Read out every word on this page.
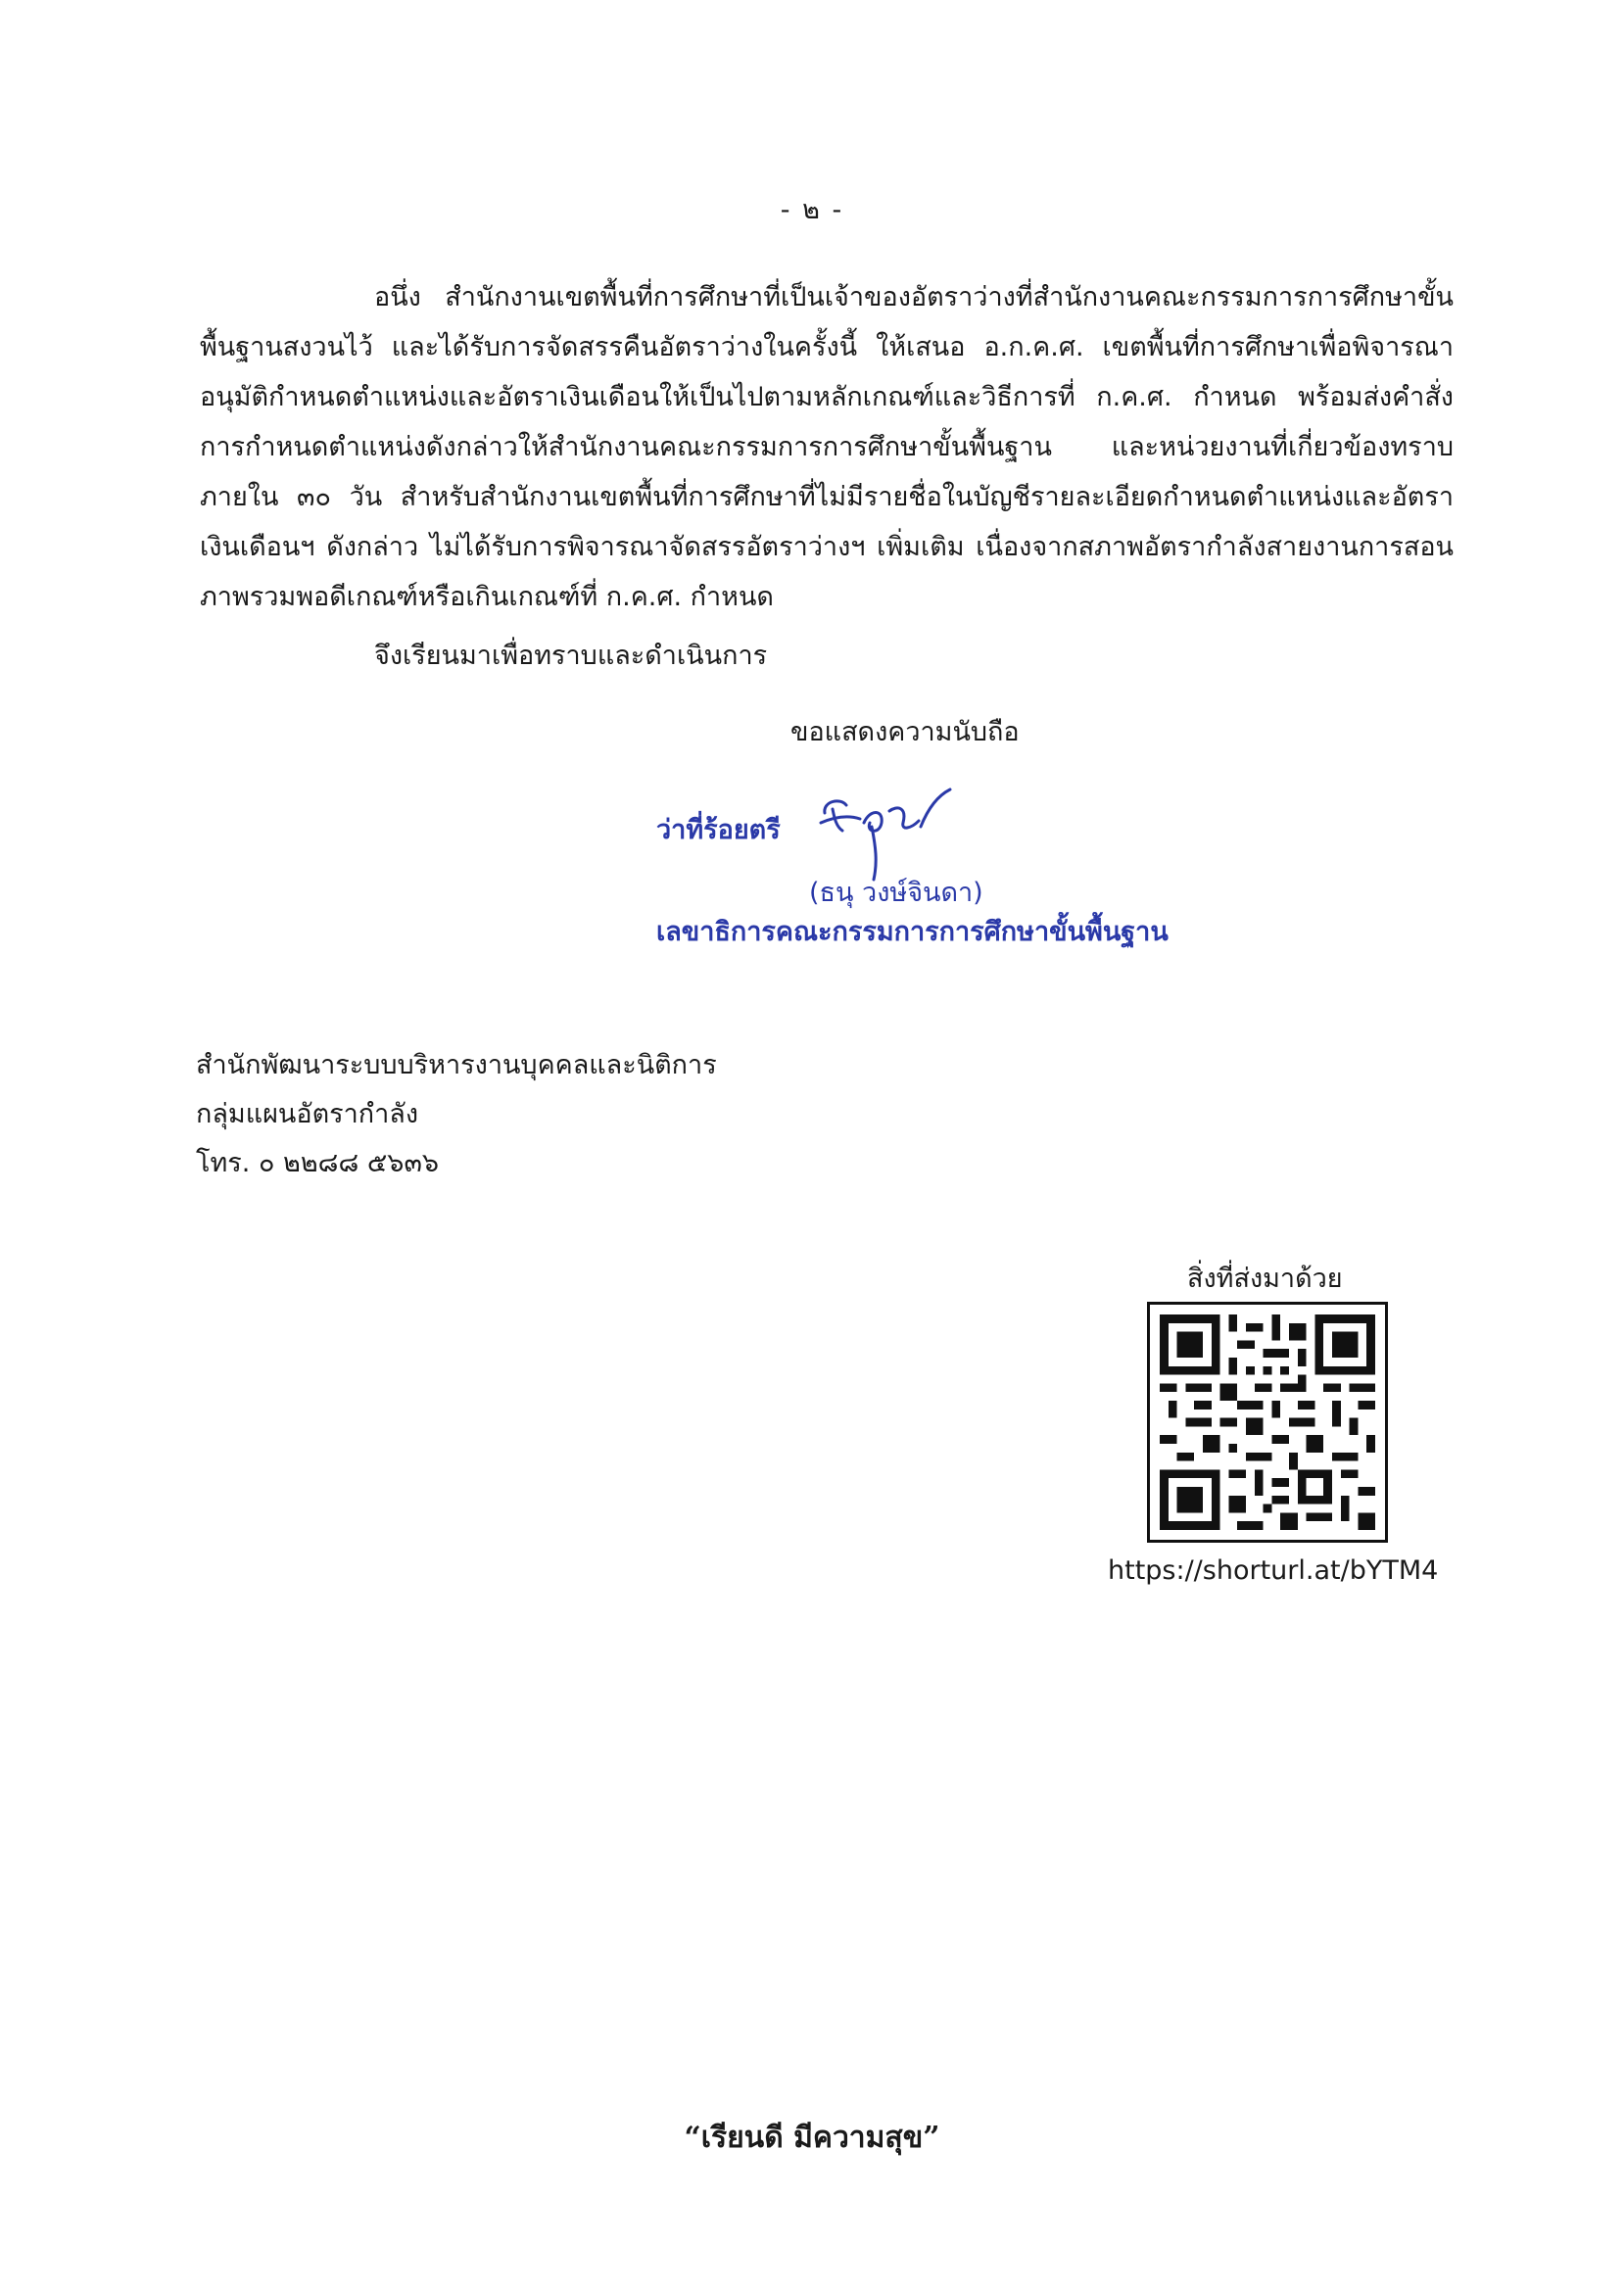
- ๒ -

อนึ่ง สำนักงานเขตพื้นที่การศึกษาที่เป็นเจ้าของอัตราว่างที่สำนักงานคณะกรรมการการศึกษาขั้นพื้นฐานสงวนไว้ และได้รับการจัดสรรคืนอัตราว่างในครั้งนี้ ให้เสนอ อ.ก.ค.ศ. เขตพื้นที่การศึกษาเพื่อพิจารณาอนุมัติกำหนดตำแหน่งและอัตราเงินเดือนให้เป็นไปตามหลักเกณฑ์และวิธีการที่ ก.ค.ศ. กำหนด พร้อมส่งคำสั่งการกำหนดตำแหน่งดังกล่าวให้สำนักงานคณะกรรมการการศึกษาขั้นพื้นฐาน และหน่วยงานที่เกี่ยวข้องทราบภายใน ๓๐ วัน สำหรับสำนักงานเขตพื้นที่การศึกษาที่ไม่มีรายชื่อในบัญชีรายละเอียดกำหนดตำแหน่งและอัตราเงินเดือนฯ ดังกล่าว ไม่ได้รับการพิจารณาจัดสรรอัตราว่างฯ เพิ่มเติม เนื่องจากสภาพอัตรากำลังสายงานการสอนภาพรวมพอดีเกณฑ์หรือเกินเกณฑ์ที่ ก.ค.ศ. กำหนด

จึงเรียนมาเพื่อทราบและดำเนินการ
ขอแสดงความนับถือ
ว่าที่ร้อยตรี
(ธนุ วงษ์จินดา)
เลขาธิการคณะกรรมการการศึกษาขั้นพื้นฐาน
สำนักพัฒนาระบบบริหารงานบุคคลและนิติการ
กลุ่มแผนอัตรากำลัง
โทร. ๐ ๒๒๘๘ ๕๖๓๖
สิ่งที่ส่งมาด้วย
https://shorturl.at/bYTM4
“เรียนดี มีความสุข”
